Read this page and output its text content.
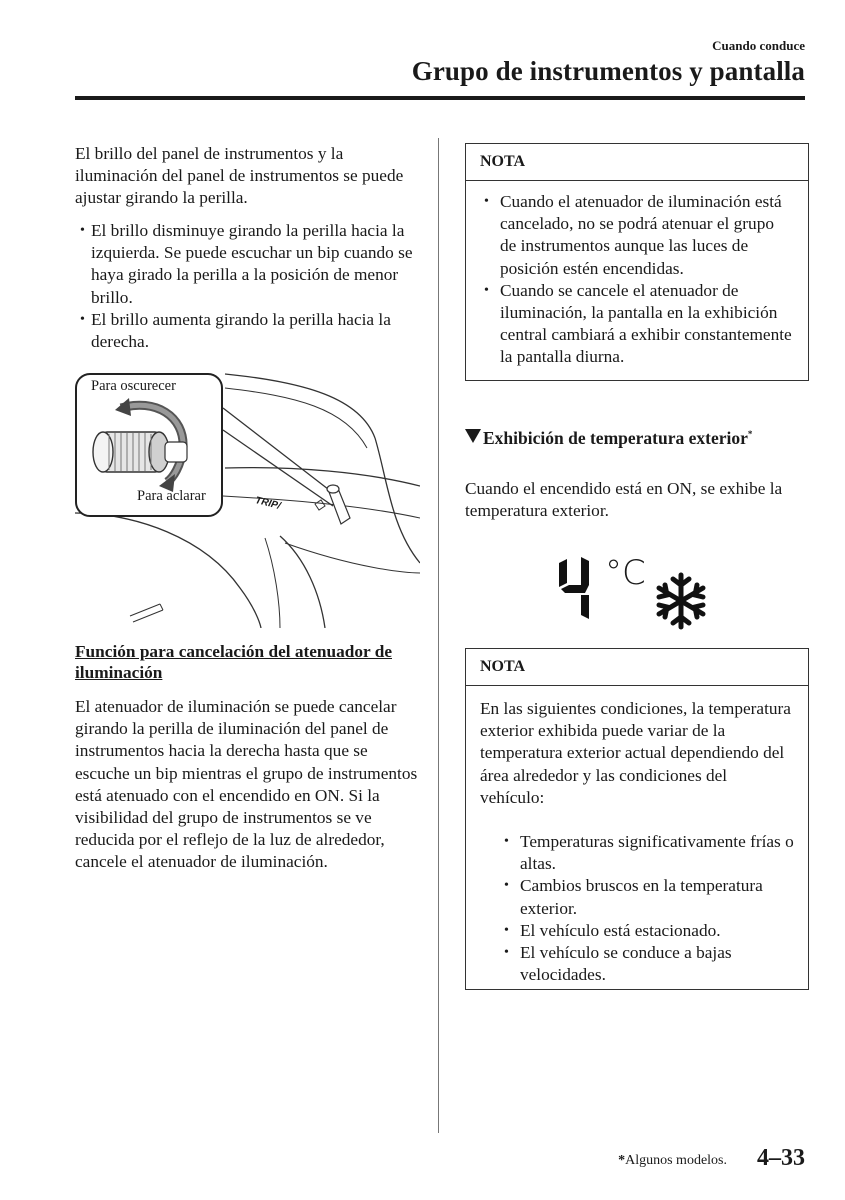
Cuando conduce
Grupo de instrumentos y pantalla
El brillo del panel de instrumentos y la iluminación del panel de instrumentos se puede ajustar girando la perilla.
• El brillo disminuye girando la perilla hacia la izquierda. Se puede escuchar un bip cuando se haya girado la perilla a la posición de menor brillo.
• El brillo aumenta girando la perilla hacia la derecha.
Para oscurecer
Para aclarar	TRIP/
Función para cancelación del atenuador de iluminación
El atenuador de iluminación se puede cancelar girando la perilla de iluminación del panel de instrumentos hacia la derecha hasta que se escuche un bip mientras el grupo de instrumentos está atenuado con el encendido en ON. Si la visibilidad del grupo de instrumentos se ve reducida por el reflejo de la luz de alrededor, cancele el atenuador de iluminación.
NOTA
• Cuando el atenuador de iluminación está cancelado, no se podrá atenuar el grupo de instrumentos aunque las luces de posición estén encendidas.
• Cuando se cancele el atenuador de iluminación, la pantalla en la exhibición central cambiará a exhibir constantemente la pantalla diurna.
Exhibición de temperatura exterior*
Cuando el encendido está en ON, se exhibe la temperatura exterior.
°C
NOTA
En las siguientes condiciones, la temperatura exterior exhibida puede variar de la temperatura exterior actual dependiendo del área alrededor y las condiciones del vehículo:
• Temperaturas significativamente frías o altas.
• Cambios bruscos en la temperatura exterior.
• El vehículo está estacionado.
• El vehículo se conduce a bajas velocidades.
*Algunos modelos. 4–33
